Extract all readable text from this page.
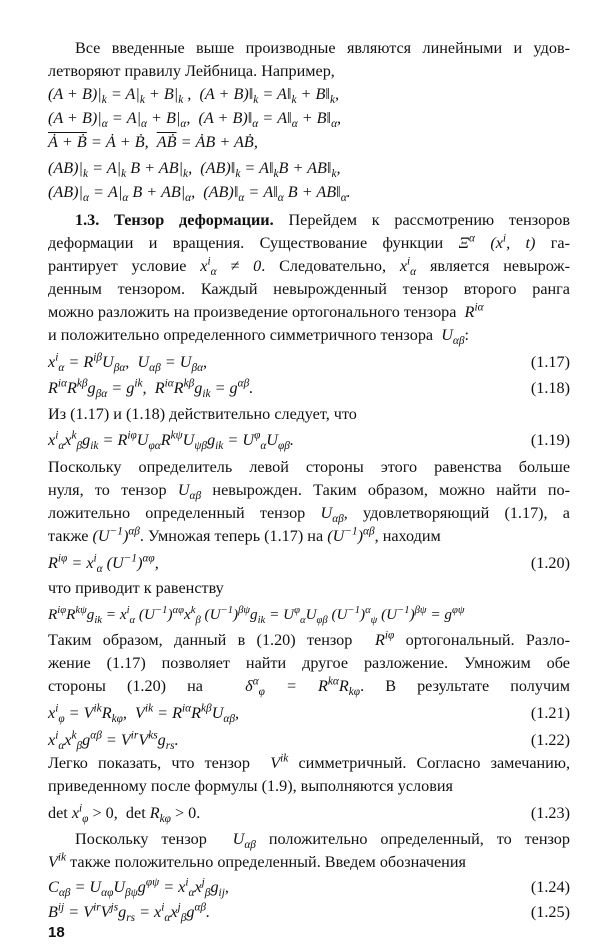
Все введенные выше производные являются линейными и удов-
летворяют правилу Лейбница. Например,
$(A + B)|_k = A|_k + B|_k$ ,  $(A + B)‖_k$ = $A‖_k$ + $B‖_k$,
$(A + B)|_\alpha = A|_\alpha + B|_\alpha$,  $(A + B)‖_\alpha$ = $A‖_\alpha$ + $B‖_\alpha$,
Ȧ + Ḃ = Ȧ + Ḃ,  $\overline{AB}̇$ = ȦB + AḂ,
$(AB)|_k = A|_k$ $B + AB|_k$,  $(AB)‖_k$ = $A‖_kB$ + $AB‖_k$,
$(AB)|_\alpha = A|_\alpha$ $B + AB|_\alpha$,  $(AB)‖_\alpha$ = $A‖_\alpha$ $B + AB‖_\alpha$.
1.3. Тензор деформации. Перейдем к рассмотрению тензоров
деформации и вращения. Существование функции $\Xi^\alpha$ ($x^i$, t) га-
рантирует условие $x^i_\alpha \ne 0$. Следовательно, $x^i_\alpha$ является невырож-
денным тензором. Каждый невырожденный тензор второго ранга
можно разложить на произведение ортогонального тензора  $R^{i\alpha}$
и положительно определенного симметричного тензора  $U_{\alpha\beta}$:
$x^i_\alpha = R^{i\beta}U_{\beta\alpha}$,  $U_{\alpha\beta} = U_{\beta\alpha}$,	(1.17)
$R^{i\alpha}R^{k\beta}g_{\beta\alpha} = g^{ik}$,  $R^{i\alpha}R^{k\beta}g_{ik} = g^{\alpha\beta}$.	(1.18)
Из (1.17) и (1.18) действительно следует, что
$x^i_\alpha x^k_\beta g_{ik} = R^{i\varphi}U_{\varphi\alpha}R^{k\psi}U_{\psi\beta}g_{ik} = U^\varphi_\alpha U_{\varphi\beta}$.	(1.19)
Поскольку определитель левой стороны этого равенства больше
нуля, то тензор $U_{\alpha\beta}$ невырожден. Таким образом, можно найти по-
ложительно определенный тензор $U_{\alpha\beta}$, удовлетворяющий (1.17), а
также $(U^{-1})^{\alpha\beta}$. Умножая теперь (1.17) на $(U^{-1})^{\alpha\beta}$, находим
$R^{i\varphi} = x^i_\alpha$ $(U^{-1})^{\alpha\varphi}$,	(1.20)
что приводит к равенству
$R^{i\varphi}R^{k\psi}g_{ik} = x^i_\alpha$ $(U^{-1})^{\alpha\varphi}x^k_\beta$ $(U^{-1})^{\beta\psi}g_{ik} = U^\varphi_\alpha U_{\varphi\beta}$ $(U^{-1})^\alpha_\psi$ $(U^{-1})^{\beta\psi} = g^{\varphi\psi}$
Таким образом, данный в (1.20) тензор  $R^{i\varphi}$ ортогональный. Разло-
жение (1.17) позволяет найти другое разложение. Умножим обе
стороны (1.20) на  $\delta^\alpha_\varphi = R^{k\alpha}R_{k\varphi}$. В результате получим
$x^i_\varphi = V^{ik}R_{k\varphi}$,  $V^{ik} = R^{i\alpha}R^{k\beta}U_{\alpha\beta}$,	(1.21)
$x^i_\alpha x^k_\beta g^{\alpha\beta} = V^{ir}V^{ks}g_{rs}$.	(1.22)
Легко показать, что тензор  $V^{ik}$ симметричный. Согласно замечанию,
приведенному после формулы (1.9), выполняются условия
$\det x^i_\varphi > 0$,  $\det R_{k\varphi} > 0$.	(1.23)
Поскольку тензор  $U_{\alpha\beta}$ положительно определенный, то тензор
$V^{ik}$ также положительно определенный. Введем обозначения
$C_{\alpha\beta} = U_{\alpha\varphi}U_{\beta\psi}g^{\varphi\psi} = x^i_\alpha x^j_\beta g_{ij}$,	(1.24)
18
$B^{ij} = V^{ir}V^{js}g_{rs} = x^i_\alpha x^j_\beta g^{\alpha\beta}$.	(1.25)
